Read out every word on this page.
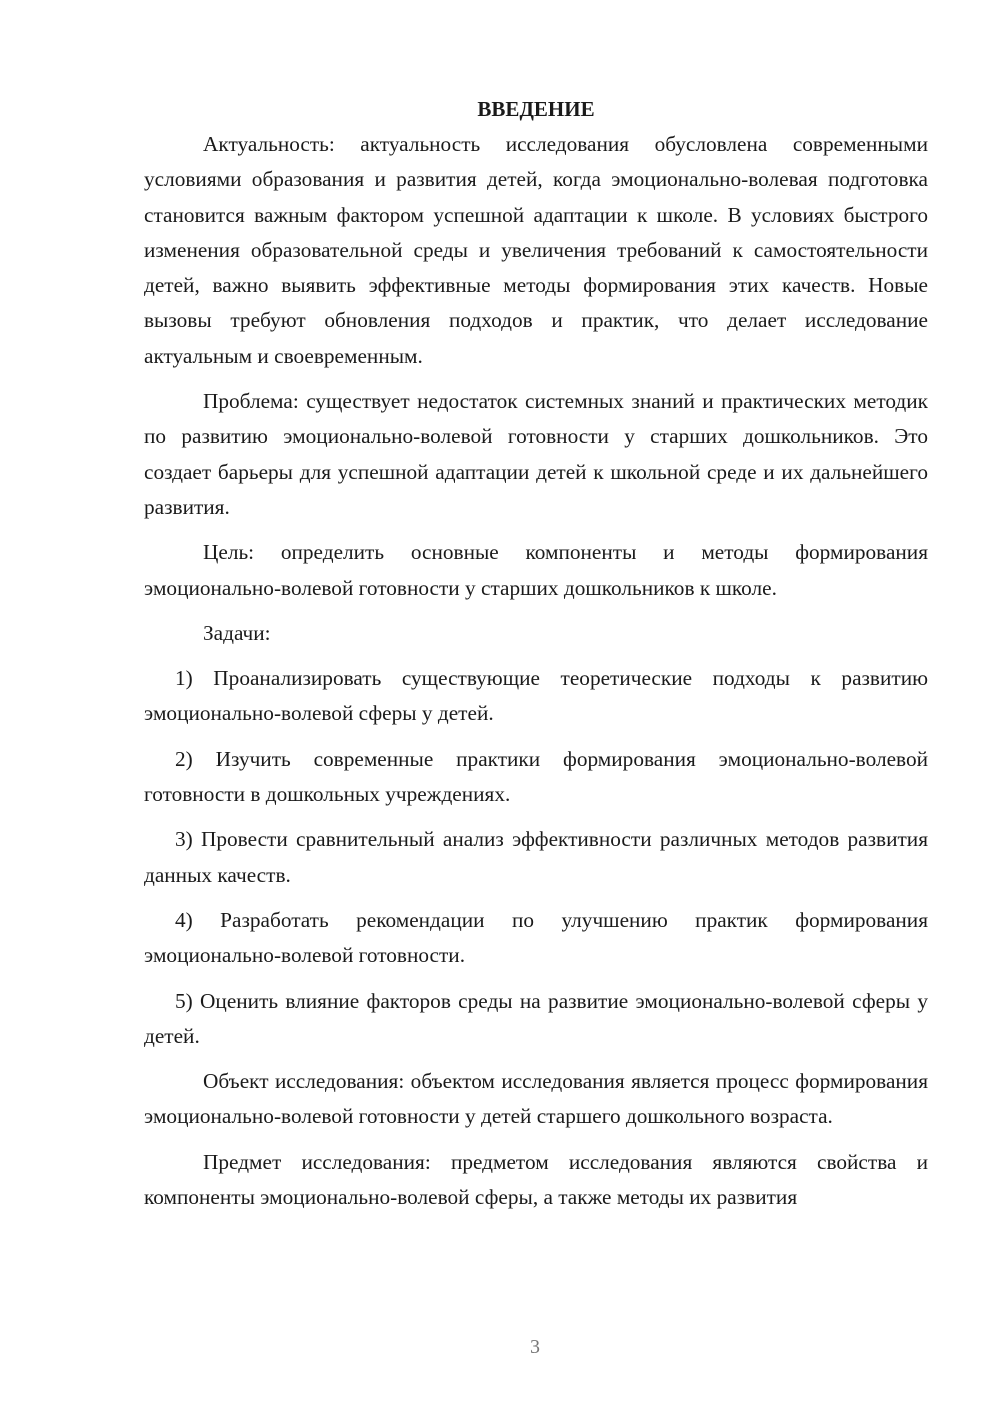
ВВЕДЕНИЕ

Актуальность: актуальность исследования обусловлена современными условиями образования и развития детей, когда эмоционально-волевая подготовка становится важным фактором успешной адаптации к школе. В условиях быстрого изменения образовательной среды и увеличения требований к самостоятельности детей, важно выявить эффективные методы формирования этих качеств. Новые вызовы требуют обновления подходов и практик, что делает исследование актуальным и своевременным.

Проблема: существует недостаток системных знаний и практических методик по развитию эмоционально-волевой готовности у старших дошкольников. Это создает барьеры для успешной адаптации детей к школьной среде и их дальнейшего развития.

Цель: определить основные компоненты и методы формирования эмоционально-волевой готовности у старших дошкольников к школе.

Задачи:

1) Проанализировать существующие теоретические подходы к развитию эмоционально-волевой сферы у детей.

2) Изучить современные практики формирования эмоционально-волевой готовности в дошкольных учреждениях.

3) Провести сравнительный анализ эффективности различных методов развития данных качеств.

4) Разработать рекомендации по улучшению практик формирования эмоционально-волевой готовности.

5) Оценить влияние факторов среды на развитие эмоционально-волевой сферы у детей.

Объект исследования: объектом исследования является процесс формирования эмоционально-волевой готовности у детей старшего дошкольного возраста.

Предмет исследования: предметом исследования являются свойства и компоненты эмоционально-волевой сферы, а также методы их развития

3
